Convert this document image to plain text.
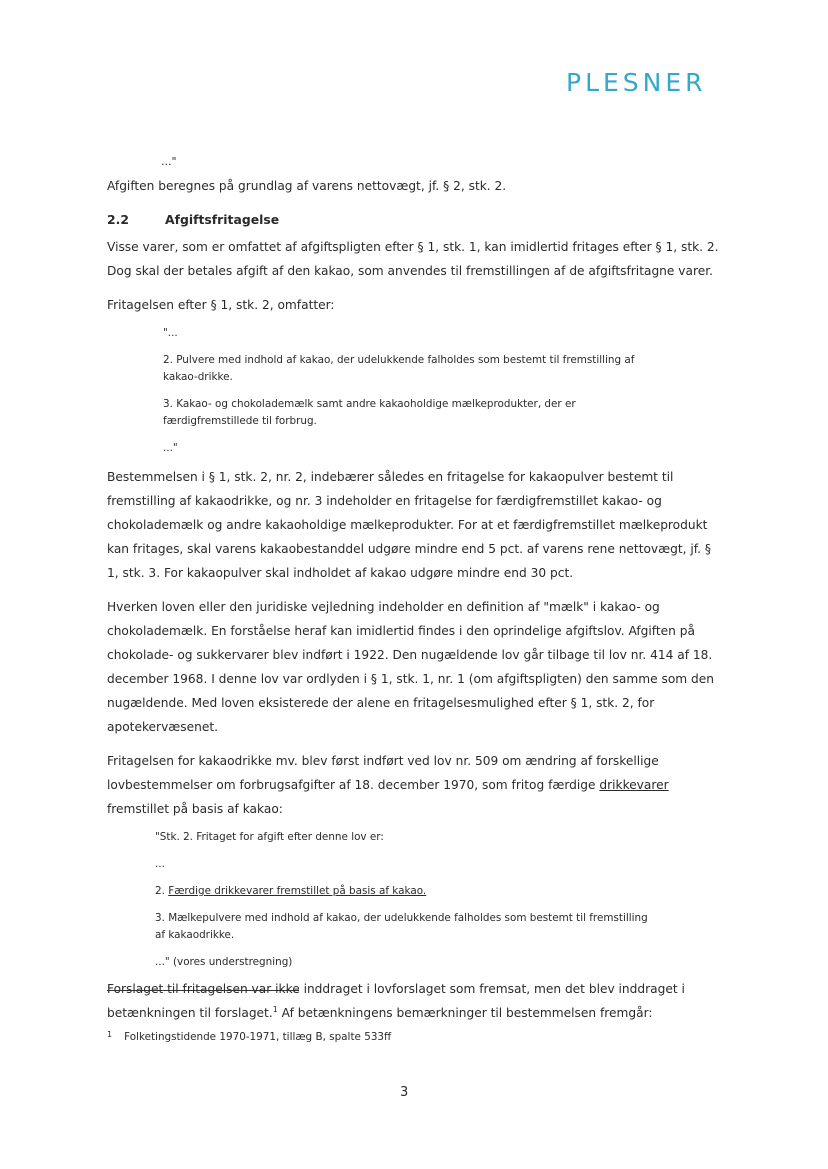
PLESNER

..."

Afgiften beregnes på grundlag af varens nettovægt, jf. § 2, stk. 2.

2.2	Afgiftsfritagelse

Visse varer, som er omfattet af afgiftspligten efter § 1, stk. 1, kan imidlertid fritages efter § 1, stk. 2. Dog skal der betales afgift af den kakao, som anvendes til fremstillingen af de afgiftsfritagne varer.

Fritagelsen efter § 1, stk. 2, omfatter:

"...

2. Pulvere med indhold af kakao, der udelukkende falholdes som bestemt til fremstilling af kakao-drikke.

3. Kakao- og chokolademælk samt andre kakaoholdige mælkeprodukter, der er færdigfremstillede til forbrug.

..."

Bestemmelsen i § 1, stk. 2, nr. 2, indebærer således en fritagelse for kakaopulver bestemt til fremstilling af kakaodrikke, og nr. 3 indeholder en fritagelse for færdigfremstillet kakao- og chokolademælk og andre kakaoholdige mælkeprodukter. For at et færdigfremstillet mælkeprodukt kan fritages, skal varens kakaobestanddel udgøre mindre end 5 pct. af varens rene nettovægt, jf. § 1, stk. 3. For kakaopulver skal indholdet af kakao udgøre mindre end 30 pct.

Hverken loven eller den juridiske vejledning indeholder en definition af "mælk" i kakao- og chokolademælk. En forståelse heraf kan imidlertid findes i den oprindelige afgiftslov. Afgiften på chokolade- og sukkervarer blev indført i 1922. Den nugældende lov går tilbage til lov nr. 414 af 18. december 1968. I denne lov var ordlyden i § 1, stk. 1, nr. 1 (om afgiftspligten) den samme som den nugældende. Med loven eksisterede der alene en fritagelsesmulighed efter § 1, stk. 2, for apotekervæsenet.

Fritagelsen for kakaodrikke mv. blev først indført ved lov nr. 509 om ændring af forskellige lovbestemmelser om forbrugsafgifter af 18. december 1970, som fritog færdige drikkevarer fremstillet på basis af kakao:

"Stk. 2. Fritaget for afgift efter denne lov er:

...

2. Færdige drikkevarer fremstillet på basis af kakao.

3. Mælkepulvere med indhold af kakao, der udelukkende falholdes som bestemt til fremstilling af kakaodrikke.

..." (vores understregning)

Forslaget til fritagelsen var ikke inddraget i lovforslaget som fremsat, men det blev inddraget i betænkningen til forslaget.$^1$ Af betænkningens bemærkninger til bestemmelsen fremgår:

$^1$ Folketingstidende 1970-1971, tillæg B, spalte 533ff
3
